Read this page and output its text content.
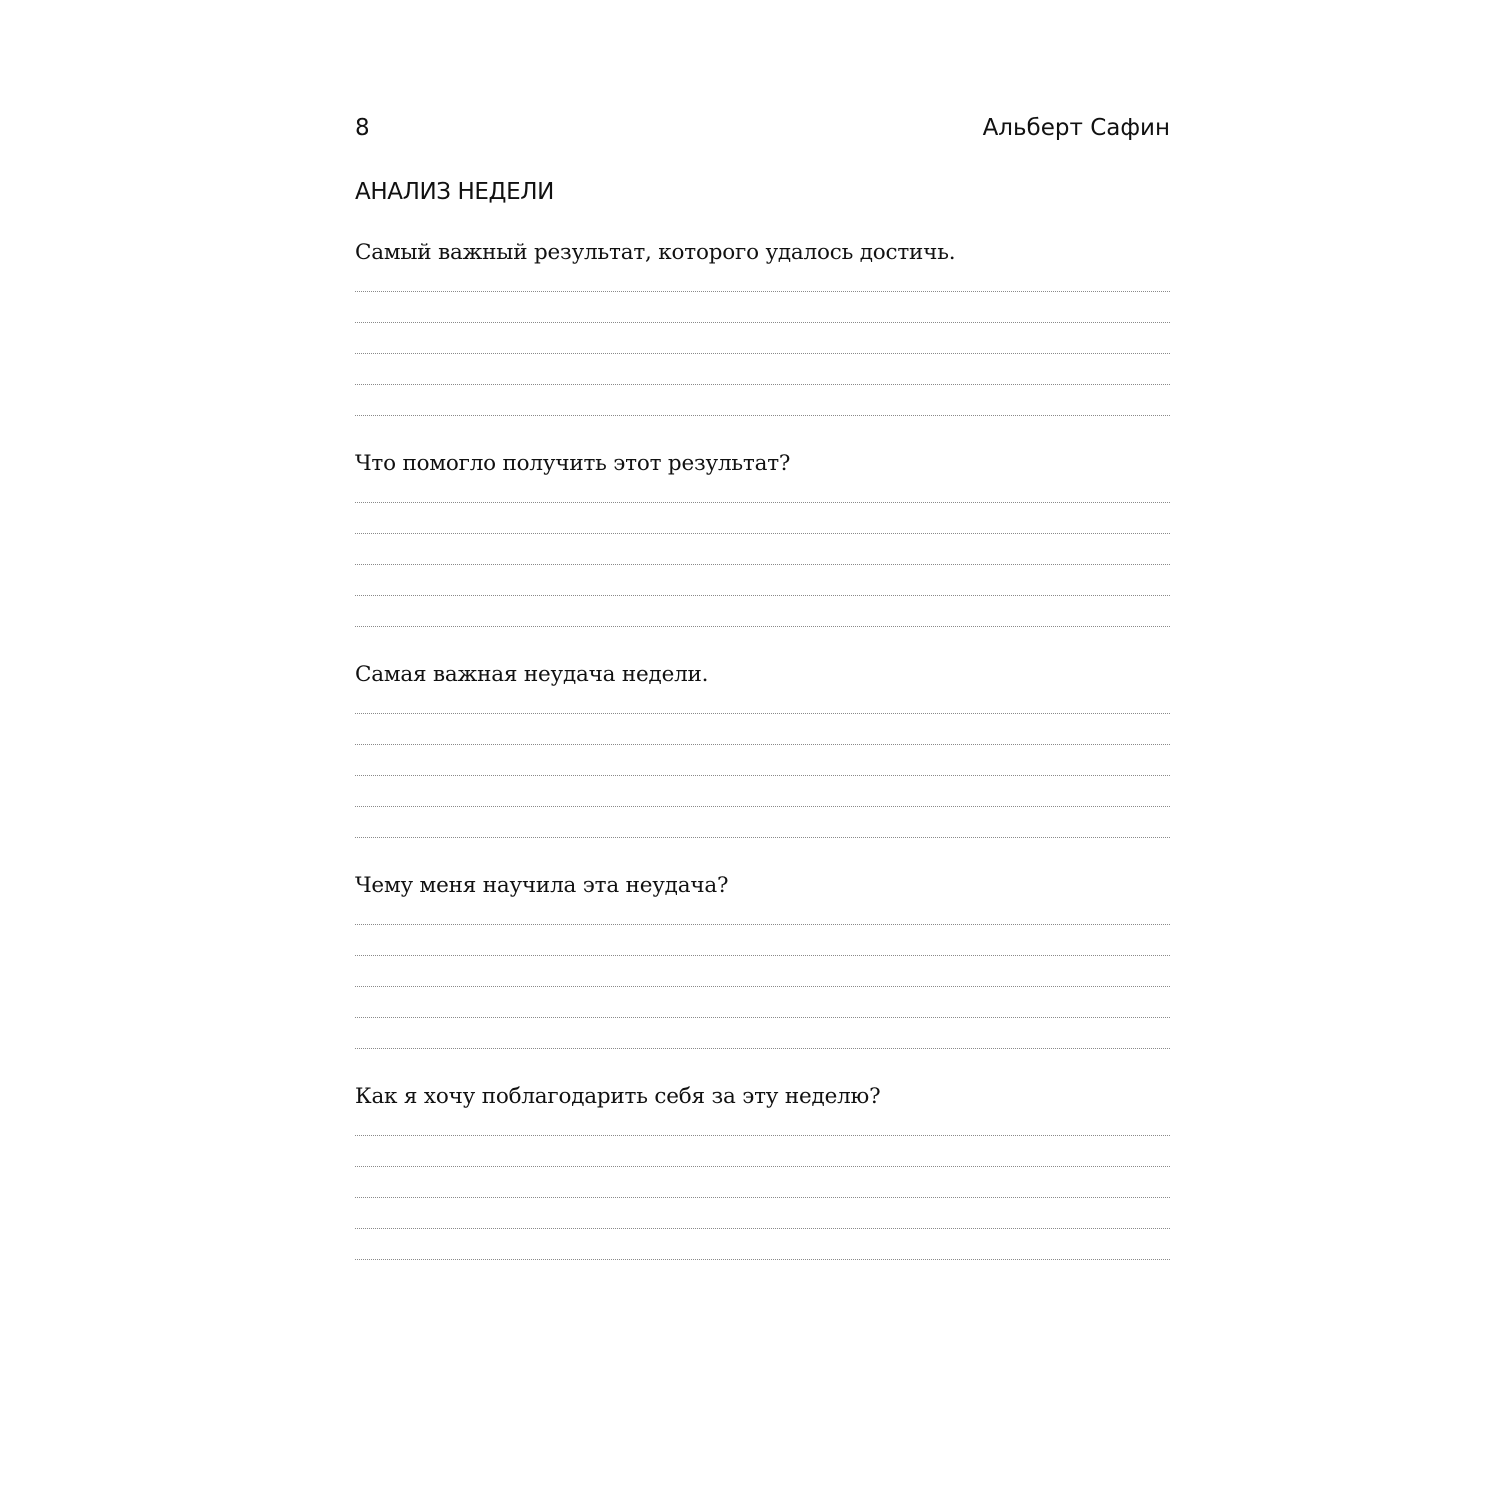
8	Альберт Сафин
АНАЛИЗ НЕДЕЛИ
Самый важный результат, которого удалось достичь.
Что помогло получить этот результат?
Самая важная неудача недели.
Чему меня научила эта неудача?
Как я хочу поблагодарить себя за эту неделю?
